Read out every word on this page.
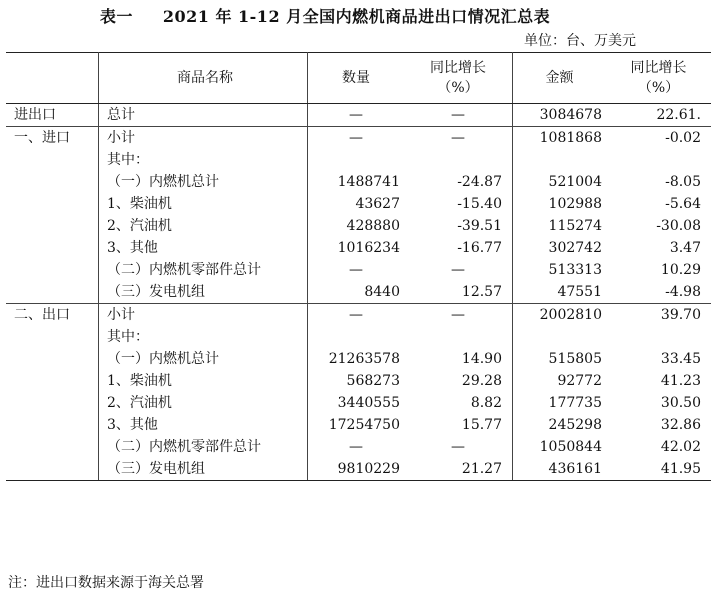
表一 2021 年 1-12 月全国内燃机商品进出口情况汇总表
单位：台、万美元
	商品名称	数量	同比增长（%）	金额	同比增长（%）
进出口	总计	—	—	3084678	22.61.
一、进口	小计	—	—	1081868	-0.02
	其中：				
	（一）内燃机总计	1488741	-24.87	521004	-8.05
	1、柴油机	43627	-15.40	102988	-5.64
	2、汽油机	428880	-39.51	115274	-30.08
	3、其他	1016234	-16.77	302742	3.47
	（二）内燃机零部件总计	—	—	513313	10.29
	（三）发电机组	8440	12.57	47551	-4.98
二、出口	小计	—	—	2002810	39.70
	其中：				
	（一）内燃机总计	21263578	14.90	515805	33.45
	1、柴油机	568273	29.28	92772	41.23
	2、汽油机	3440555	8.82	177735	30.50
	3、其他	17254750	15.77	245298	32.86
	（二）内燃机零部件总计	—	—	1050844	42.02
	（三）发电机组	9810229	21.27	436161	41.95
注：进出口数据来源于海关总署
